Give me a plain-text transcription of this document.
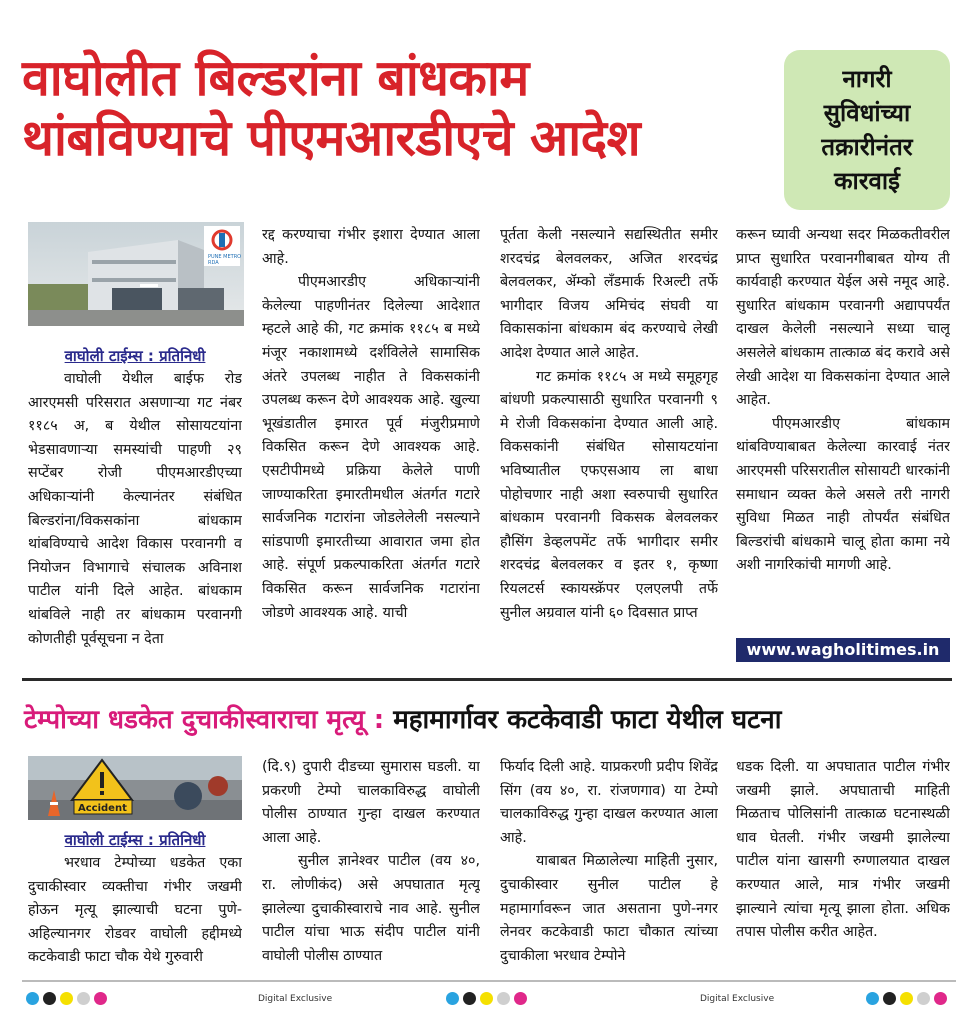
वाघोलीत बिल्डरांना बांधकाम
थांबविण्याचे पीएमआरडीएचे आदेश
नागरी
सुविधांच्या
तक्रारीनंतर
कारवाई
PUNE METRO RDA
वाघोली टाईम्स : प्रतिनिधी

वाघोली येथील बाईफ रोड आरएमसी परिसरात असणाऱ्या गट नंबर ११८५ अ, ब येथील सोसायटयांना भेडसावणाऱ्या समस्यांची पाहणी २९ सप्टेंबर रोजी पीएमआरडीएच्या अधिकाऱ्यांनी केल्यानंतर संबंधित बिल्डरांना/विकसकांना बांधकाम थांबविण्याचे आदेश विकास परवानगी व नियोजन विभागाचे संचालक अविनाश पाटील यांनी दिले आहेत. बांधकाम थांबविले नाही तर बांधकाम परवानगी कोणतीही पूर्वसूचना न देता

रद्द करण्याचा गंभीर इशारा देण्यात आला आहे.

पीएमआरडीए अधिकाऱ्यांनी केलेल्या पाहणीनंतर दिलेल्या आदेशात म्हटले आहे की, गट क्रमांक ११८५ ब मध्ये मंजूर नकाशामध्ये दर्शविलेले सामासिक अंतरे उपलब्ध नाहीत ते विकसकांनी उपलब्ध करून देणे आवश्यक आहे. खुल्या भूखंडातील इमारत पूर्व मंजुरीप्रमाणे विकसित करून देणे आवश्यक आहे. एसटीपीमध्ये प्रक्रिया केलेले पाणी जाण्याकरिता इमारतीमधील अंतर्गत गटारे सार्वजनिक गटारांना जोडलेलेली नसल्याने सांडपाणी इमारतीच्या आवारात जमा होत आहे. संपूर्ण प्रकल्पाकरिता अंतर्गत गटारे विकसित करून सार्वजनिक गटारांना जोडणे आवश्यक आहे. याची

पूर्तता केली नसल्याने सद्यस्थितीत समीर शरदचंद्र बेलवलकर, अजित शरदचंद्र बेलवलकर, ॲम्को लँडमार्क रिअल्टी तर्फे भागीदार विजय अमिचंद संघवी या विकासकांना बांधकाम बंद करण्याचे लेखी आदेश देण्यात आले आहेत.

गट क्रमांक ११८५ अ मध्ये समूहगृह बांधणी प्रकल्पासाठी सुधारित परवानगी ९ मे रोजी विकसकांना देण्यात आली आहे. विकसकांनी संबंधित सोसायटयांना भविष्यातील एफएसआय ला बाधा पोहोचणार नाही अशा स्वरुपाची सुधारित बांधकाम परवानगी विकसक बेलवलकर हौसिंग डेव्हलपमेंट तर्फे भागीदार समीर शरदचंद्र बेलवलकर व इतर १, कृष्णा रियलटर्स स्कायस्क्रॅपर एलएलपी तर्फे सुनील अग्रवाल यांनी ६० दिवसात प्राप्त

करून घ्यावी अन्यथा सदर मिळकतीवरील प्राप्त सुधारित परवानगीबाबत योग्य ती कार्यवाही करण्यात येईल असे नमूद आहे. सुधारित बांधकाम परवानगी अद्यापपर्यंत दाखल केलेली नसल्याने सध्या चालू असलेले बांधकाम तात्काळ बंद करावे असे लेखी आदेश या विकसकांना देण्यात आले आहेत.

पीएमआरडीए बांधकाम थांबविण्याबाबत केलेल्या कारवाई नंतर आरएमसी परिसरातील सोसायटी धारकांनी समाधान व्यक्त केले असले तरी नागरी सुविधा मिळत नाही तोपर्यंत संबंधित बिल्डरांची बांधकामे चालू होता कामा नये अशी नागरिकांची मागणी आहे.

www.wagholitimes.in
टेम्पोच्या धडकेत दुचाकीस्वाराचा मृत्यू : महामार्गावर कटकेवाडी फाटा येथील घटना
Accident
वाघोली टाईम्स : प्रतिनिधी

भरधाव टेम्पोच्या धडकेत एका दुचाकीस्वार व्यक्तीचा गंभीर जखमी होऊन मृत्यू झाल्याची घटना पुणे-अहिल्यानगर रोडवर वाघोली हद्दीमध्ये कटकेवाडी फाटा चौक येथे गुरुवारी

(दि.९) दुपारी दीडच्या सुमारास घडली. या प्रकरणी टेम्पो चालकाविरुद्ध वाघोली पोलीस ठाण्यात गुन्हा दाखल करण्यात आला आहे.

सुनील ज्ञानेश्वर पाटील (वय ४०, रा. लोणीकंद) असे अपघातात मृत्यू झालेल्या दुचाकीस्वाराचे नाव आहे. सुनील पाटील यांचा भाऊ संदीप पाटील यांनी वाघोली पोलीस ठाण्यात

फिर्याद दिली आहे. याप्रकरणी प्रदीप शिवेंद्र सिंग (वय ४०, रा. रांजणगाव) या टेम्पो चालकाविरुद्ध गुन्हा दाखल करण्यात आला आहे.

याबाबत मिळालेल्या माहिती नुसार, दुचाकीस्वार सुनील पाटील हे महामार्गावरून जात असताना पुणे-नगर लेनवर कटकेवाडी फाटा चौकात त्यांच्या दुचाकीला भरधाव टेम्पोने

धडक दिली. या अपघातात पाटील गंभीर जखमी झाले. अपघाताची माहिती मिळताच पोलिसांनी तात्काळ घटनास्थळी धाव घेतली. गंभीर जखमी झालेल्या पाटील यांना खासगी रुग्णालयात दाखल करण्यात आले, मात्र गंभीर जखमी झाल्याने त्यांचा मृत्यू झाला होता. अधिक तपास पोलीस करीत आहेत.

Digital Exclusive	Digital Exclusive
